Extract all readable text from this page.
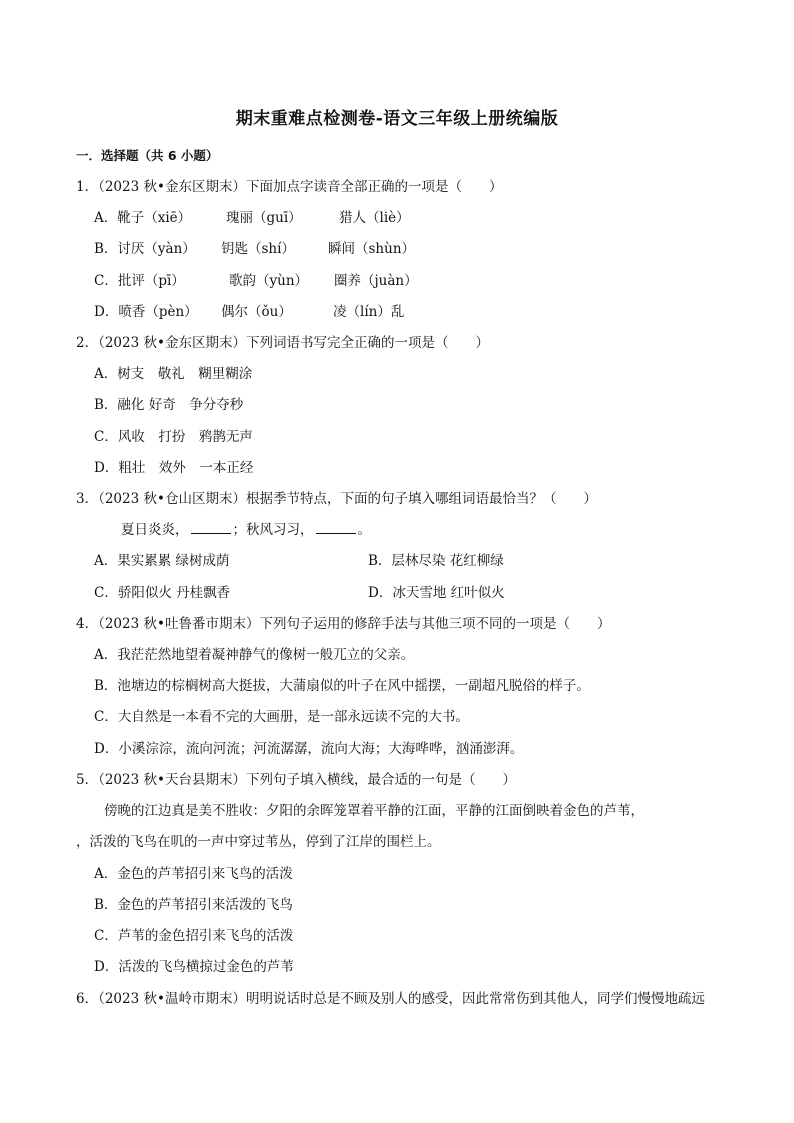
期末重难点检测卷-语文三年级上册统编版
一．选择题（共 6 小题）
1．（2023 秋•金东区期末）下面加点字读音全部正确的一项是（　　）
A．靴子（xiē）	瑰丽（guī）	猎人（liè）
B．讨厌（yàn） 钥匙（shí） 瞬间（shùn）
C．批评（pī）	歌韵（yùn） 圈养（juàn）
D．喷香（pèn） 偶尔（ǒu）	凌（lín）乱
2．（2023 秋•金东区期末）下列词语书写完全正确的一项是（　　）
A．树支　敬礼　糊里糊涂
B．融化 好奇　争分夺秒
C．风收　打扮　鸦鹊无声
D．粗壮　效外　一本正经
3．（2023 秋•仓山区期末）根据季节特点，下面的句子填入哪组词语最恰当？（　　）
夏日炎炎，	；秋风习习，	。
A．果实累累 绿树成荫	B．层林尽染 花红柳绿
C．骄阳似火 丹桂飘香	D．冰天雪地 红叶似火
4．（2023 秋•吐鲁番市期末）下列句子运用的修辞手法与其他三项不同的一项是（　　）
A．我茫茫然地望着凝神静气的像树一般兀立的父亲。
B．池塘边的棕榈树高大挺拔，大蒲扇似的叶子在风中摇摆，一副超凡脱俗的样子。
C．大自然是一本看不完的大画册，是一部永远读不完的大书。
D．小溪淙淙，流向河流；河流潺潺，流向大海；大海哗哗，汹涌澎湃。
5．（2023 秋•天台县期末）下列句子填入横线，最合适的一句是（　　）
傍晚的江边真是美不胜收：夕阳的余晖笼罩着平静的江面，平静的江面倒映着金色的芦苇，
，活泼的飞鸟在叽的一声中穿过苇丛，停到了江岸的围栏上。
A．金色的芦苇招引来飞鸟的活泼
B．金色的芦苇招引来活泼的飞鸟
C．芦苇的金色招引来飞鸟的活泼
D．活泼的飞鸟横掠过金色的芦苇
6．（2023 秋•温岭市期末）明明说话时总是不顾及别人的感受，因此常常伤到其他人，同学们慢慢地疏远
